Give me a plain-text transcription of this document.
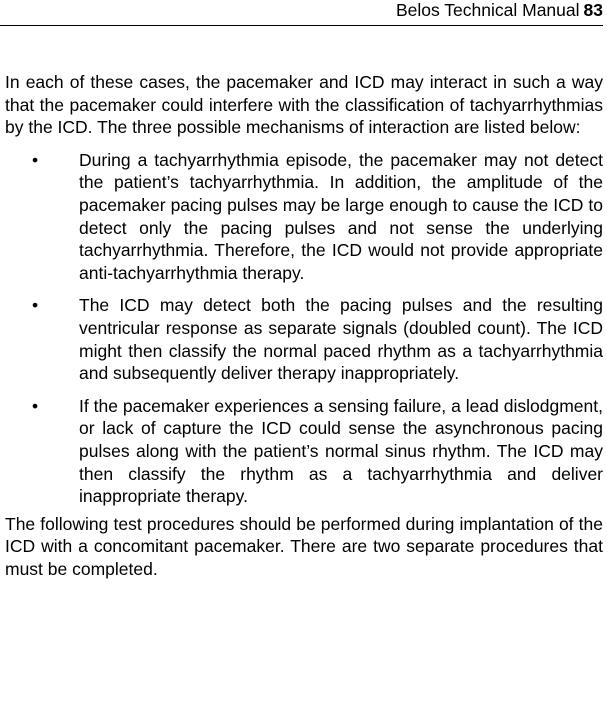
Belos Technical Manual 83

In each of these cases, the pacemaker and ICD may interact in such a way that the pacemaker could interfere with the classification of tachyarrhythmias by the ICD. The three possible mechanisms of interaction are listed below:

• During a tachyarrhythmia episode, the pacemaker may not detect the patient’s tachyarrhythmia. In addition, the amplitude of the pacemaker pacing pulses may be large enough to cause the ICD to detect only the pacing pulses and not sense the underlying tachyarrhythmia. Therefore, the ICD would not provide appropriate anti-tachyarrhythmia therapy.
• The ICD may detect both the pacing pulses and the resulting ventricular response as separate signals (doubled count). The ICD might then classify the normal paced rhythm as a tachyarrhythmia and subsequently deliver therapy inappropriately.
• If the pacemaker experiences a sensing failure, a lead dislodgment, or lack of capture the ICD could sense the asynchronous pacing pulses along with the patient’s normal sinus rhythm. The ICD may then classify the rhythm as a tachyarrhythmia and deliver inappropriate therapy.

The following test procedures should be performed during implantation of the ICD with a concomitant pacemaker. There are two separate procedures that must be completed.
